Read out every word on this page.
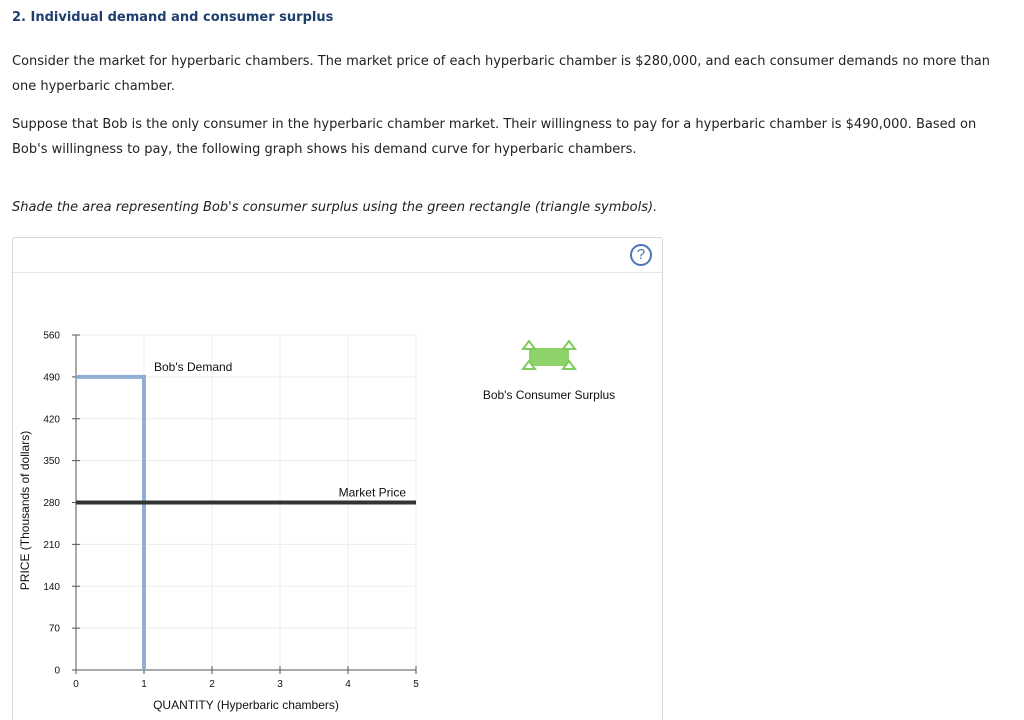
2. Individual demand and consumer surplus

Consider the market for hyperbaric chambers. The market price of each hyperbaric chamber is $280,000, and each consumer demands no more than one hyperbaric chamber.

Suppose that Bob is the only consumer in the hyperbaric chamber market. Their willingness to pay for a hyperbaric chamber is $490,000. Based on Bob's willingness to pay, the following graph shows his demand curve for hyperbaric chambers.

Shade the area representing Bob's consumer surplus using the green rectangle (triangle symbols).

?
0
70
140
210
280
350
420
490
560
0	1	2	3	4	5
PRICE (Thousands of dollars)
QUANTITY (Hyperbaric chambers)
Bob's Demand
Market Price
Bob's Consumer Surplus
